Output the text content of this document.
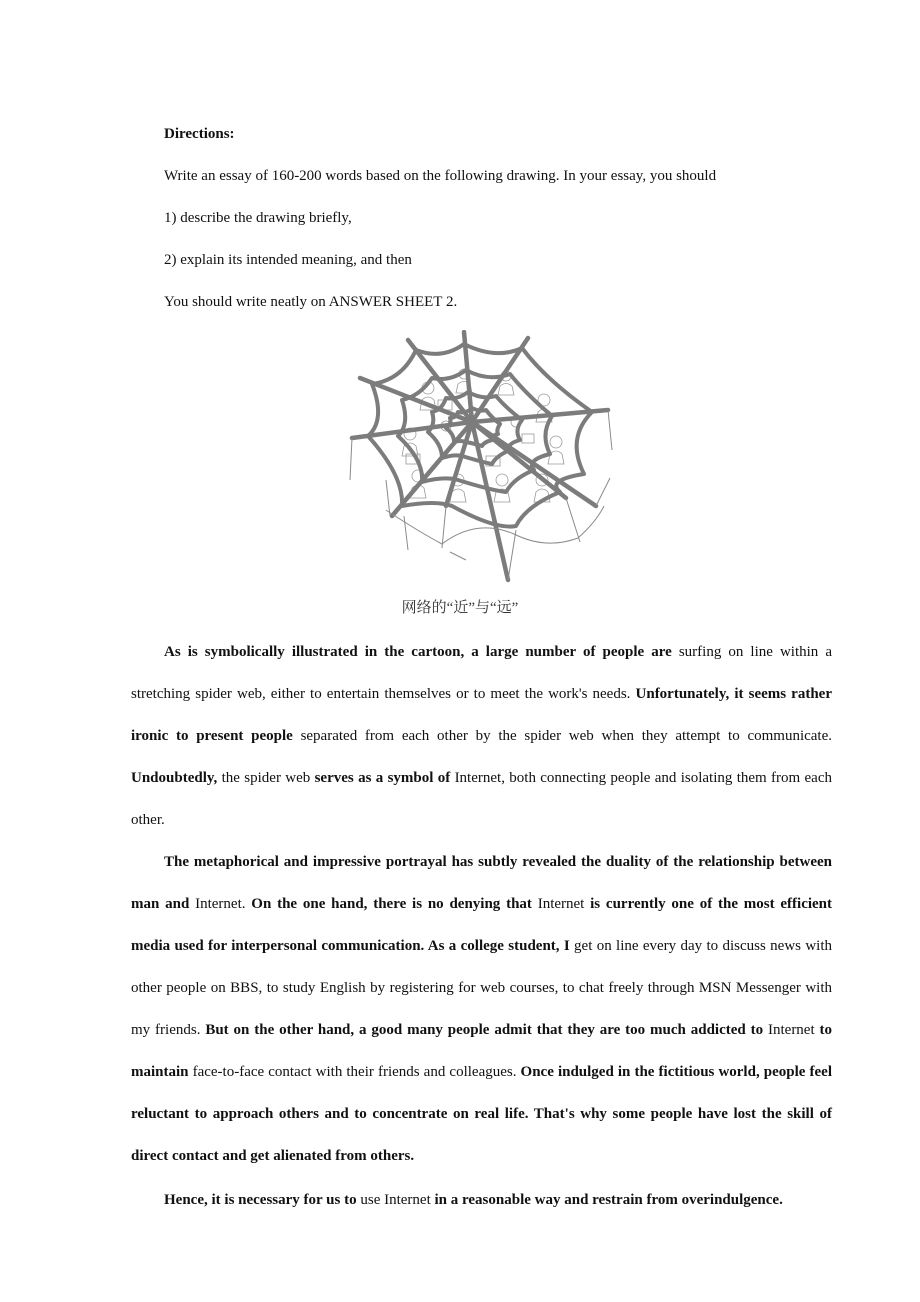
Directions:
Write an essay of 160-200 words based on the following drawing. In your essay, you should
1) describe the drawing briefly,
2) explain its intended meaning, and then
You should write neatly on ANSWER SHEET 2.
网络的“近”与“远”

As is symbolically illustrated in the cartoon, a large number of people are surfing on line within a stretching spider web, either to entertain themselves or to meet the work's needs. Unfortunately, it seems rather ironic to present people separated from each other by the spider web when they attempt to communicate. Undoubtedly, the spider web serves as a symbol of Internet, both connecting people and isolating them from each other.

The metaphorical and impressive portrayal has subtly revealed the duality of the relationship between man and Internet. On the one hand, there is no denying that Internet is currently one of the most efficient media used for interpersonal communication. As a college student, I get on line every day to discuss news with other people on BBS, to study English by registering for web courses, to chat freely through MSN Messenger with my friends. But on the other hand, a good many people admit that they are too much addicted to Internet to maintain face-to-face contact with their friends and colleagues. Once indulged in the fictitious world, people feel reluctant to approach others and to concentrate on real life. That's why some people have lost the skill of direct contact and get alienated from others.

Hence, it is necessary for us to use Internet in a reasonable way and restrain from overindulgence.
